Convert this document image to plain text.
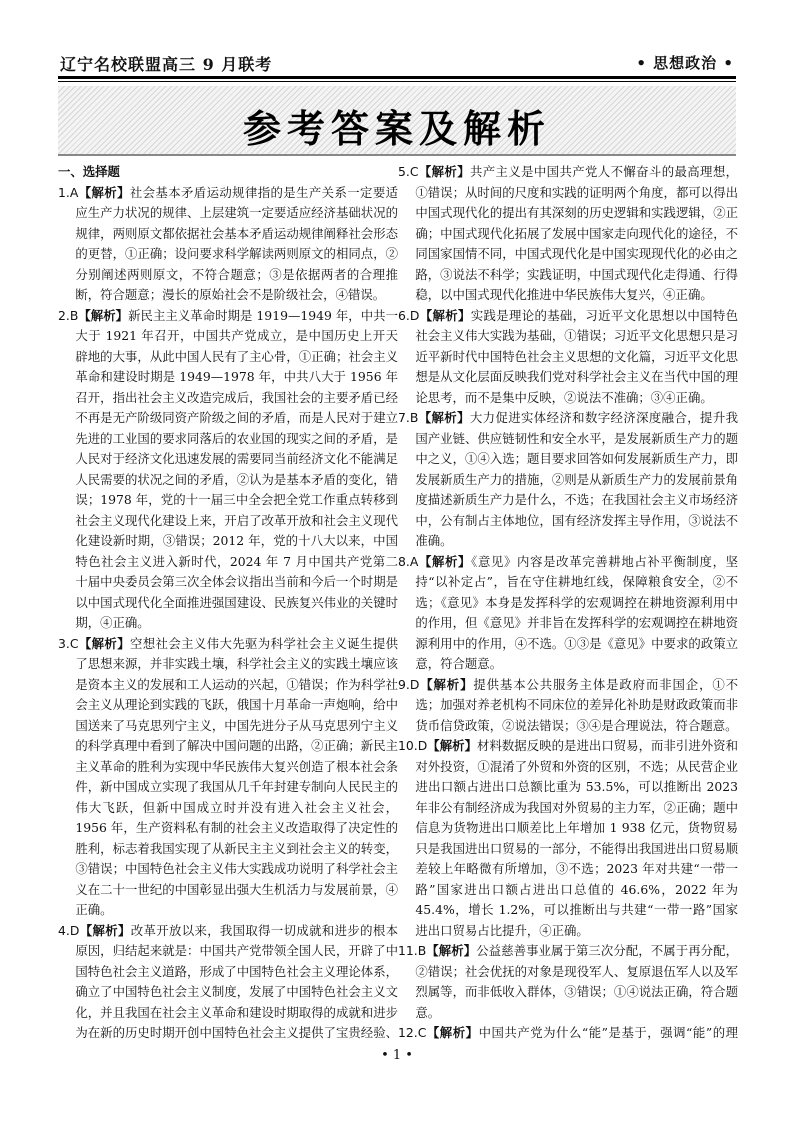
辽宁名校联盟高三 9 月联考	• 思想政治 •
参考答案及解析
一、选择题

1.A【解析】社会基本矛盾运动规律指的是生产关系一定要适应生产力状况的规律、上层建筑一定要适应经济基础状况的规律，两则原文都依据社会基本矛盾运动规律阐释社会形态的更替，①正确；设问要求科学解读两则原文的相同点，②分别阐述两则原文，不符合题意；③是依据两者的合理推断，符合题意；漫长的原始社会不是阶级社会，④错误。

2.B【解析】新民主主义革命时期是 1919—1949 年，中共一大于 1921 年召开，中国共产党成立，是中国历史上开天辟地的大事，从此中国人民有了主心骨，①正确；社会主义革命和建设时期是 1949—1978 年，中共八大于 1956 年召开，指出社会主义改造完成后，我国社会的主要矛盾已经不再是无产阶级同资产阶级之间的矛盾，而是人民对于建立先进的工业国的要求同落后的农业国的现实之间的矛盾，是人民对于经济文化迅速发展的需要同当前经济文化不能满足人民需要的状况之间的矛盾，②认为是基本矛盾的变化，错误；1978 年，党的十一届三中全会把全党工作重点转移到社会主义现代化建设上来，开启了改革开放和社会主义现代化建设新时期，③错误；2012 年，党的十八大以来，中国特色社会主义进入新时代，2024 年 7 月中国共产党第二十届中央委员会第三次全体会议指出当前和今后一个时期是以中国式现代化全面推进强国建设、民族复兴伟业的关键时期，④正确。

3.C【解析】空想社会主义伟大先驱为科学社会主义诞生提供了思想来源，并非实践土壤，科学社会主义的实践土壤应该是资本主义的发展和工人运动的兴起，①错误；作为科学社会主义从理论到实践的飞跃，俄国十月革命一声炮响，给中国送来了马克思列宁主义，中国先进分子从马克思列宁主义的科学真理中看到了解决中国问题的出路，②正确；新民主主义革命的胜利为实现中华民族伟大复兴创造了根本社会条件，新中国成立实现了我国从几千年封建专制向人民民主的伟大飞跃，但新中国成立时并没有进入社会主义社会，1956 年，生产资料私有制的社会主义改造取得了决定性的胜利，标志着我国实现了从新民主主义到社会主义的转变，③错误；中国特色社会主义伟大实践成功说明了科学社会主义在二十一世纪的中国彰显出强大生机活力与发展前景，④正确。

4.D【解析】改革开放以来，我国取得一切成就和进步的根本原因，归结起来就是：中国共产党带领全国人民，开辟了中国特色社会主义道路，形成了中国特色社会主义理论体系，确立了中国特色社会主义制度，发展了中国特色社会主义文化，并且我国在社会主义革命和建设时期取得的成就和进步为在新的历史时期开创中国特色社会主义提供了宝贵经验、

5.C【解析】共产主义是中国共产党人不懈奋斗的最高理想，①错误；从时间的尺度和实践的证明两个角度，都可以得出中国式现代化的提出有其深刻的历史逻辑和实践逻辑，②正确；中国式现代化拓展了发展中国家走向现代化的途径，不同国家国情不同，中国式现代化是中国实现现代化的必由之路，③说法不科学；实践证明，中国式现代化走得通、行得稳，以中国式现代化推进中华民族伟大复兴，④正确。

6.D【解析】实践是理论的基础，习近平文化思想以中国特色社会主义伟大实践为基础，①错误；习近平文化思想只是习近平新时代中国特色社会主义思想的文化篇，习近平文化思想是从文化层面反映我们党对科学社会主义在当代中国的理论思考，而不是集中反映，②说法不准确；③④正确。

7.B【解析】大力促进实体经济和数字经济深度融合，提升我国产业链、供应链韧性和安全水平，是发展新质生产力的题中之义，①④入选；题目要求回答如何发展新质生产力，即发展新质生产力的措施，②则是从新质生产力的发展前景角度描述新质生产力是什么，不选；在我国社会主义市场经济中，公有制占主体地位，国有经济发挥主导作用，③说法不准确。

8.A【解析】《意见》内容是改革完善耕地占补平衡制度，坚持“以补定占”，旨在守住耕地红线，保障粮食安全，②不选；《意见》本身是发挥科学的宏观调控在耕地资源利用中的作用，但《意见》并非旨在发挥科学的宏观调控在耕地资源利用中的作用，④不选。①③是《意见》中要求的政策立意，符合题意。

9.D【解析】提供基本公共服务主体是政府而非国企，①不选；加强对养老机构不同床位的差异化补助是财政政策而非货币信贷政策，②说法错误；③④是合理说法，符合题意。

10.D【解析】材料数据反映的是进出口贸易，而非引进外资和对外投资，①混淆了外贸和外资的区别，不选；从民营企业进出口额占进出口总额比重为 53.5%，可以推断出 2023 年非公有制经济成为我国对外贸易的主力军，②正确；题中信息为货物进出口顺差比上年增加 1 938 亿元，货物贸易只是我国进出口贸易的一部分，不能得出我国进出口贸易顺差较上年略微有所增加，③不选；2023 年对共建“一带一路”国家进出口额占进出口总值的 46.6%，2022 年为 45.4%，增长 1.2%，可以推断出与共建“一带一路”国家进出口贸易占比提升，④正确。

11.B【解析】公益慈善事业属于第三次分配，不属于再分配，②错误；社会优抚的对象是现役军人、复原退伍军人以及军烈属等，而非低收入群体，③错误；①④说法正确，符合题意。

12.C【解析】中国共产党为什么“能”是基于，强调“能”的理

• 1 •
